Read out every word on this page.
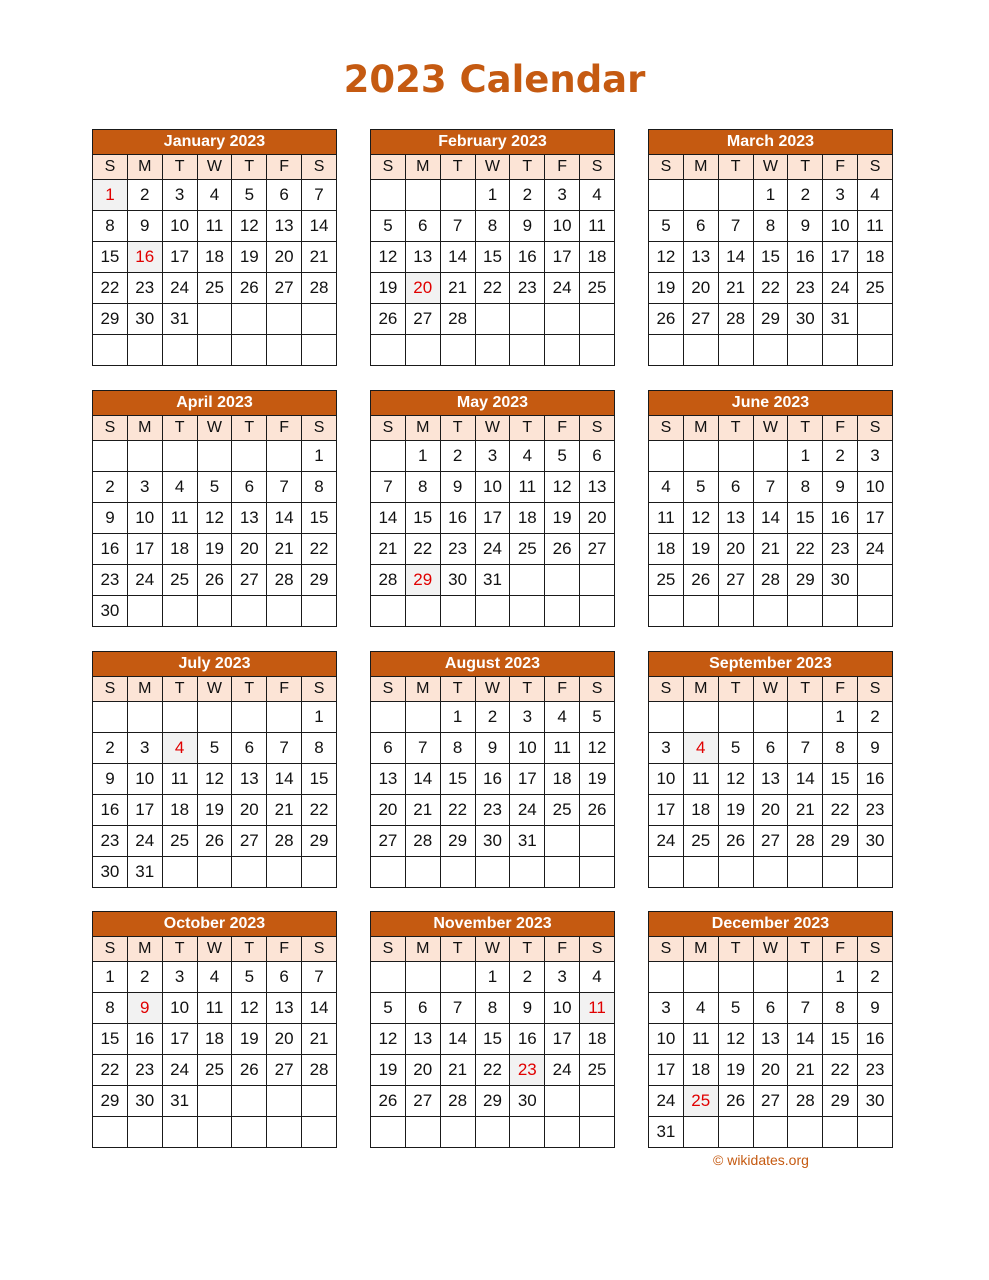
2023 Calendar
January 2023						
S	M	T	W	T	F	S
1	2	3	4	5	6	7
8	9	10	11	12	13	14
15	16	17	18	19	20	21
22	23	24	25	26	27	28
29	30	31				

February 2023						
S	M	T	W	T	F	S
			1	2	3	4
5	6	7	8	9	10	11
12	13	14	15	16	17	18
19	20	21	22	23	24	25
26	27	28				

March 2023						
S	M	T	W	T	F	S
			1	2	3	4
5	6	7	8	9	10	11
12	13	14	15	16	17	18
19	20	21	22	23	24	25
26	27	28	29	30	31	

April 2023						
S	M	T	W	T	F	S
						1
2	3	4	5	6	7	8
9	10	11	12	13	14	15
16	17	18	19	20	21	22
23	24	25	26	27	28	29
30						
May 2023						
S	M	T	W	T	F	S
	1	2	3	4	5	6
7	8	9	10	11	12	13
14	15	16	17	18	19	20
21	22	23	24	25	26	27
28	29	30	31			

June 2023						
S	M	T	W	T	F	S
				1	2	3
4	5	6	7	8	9	10
11	12	13	14	15	16	17
18	19	20	21	22	23	24
25	26	27	28	29	30	

July 2023						
S	M	T	W	T	F	S
						1
2	3	4	5	6	7	8
9	10	11	12	13	14	15
16	17	18	19	20	21	22
23	24	25	26	27	28	29
30	31					
August 2023						
S	M	T	W	T	F	S
		1	2	3	4	5
6	7	8	9	10	11	12
13	14	15	16	17	18	19
20	21	22	23	24	25	26
27	28	29	30	31		

September 2023						
S	M	T	W	T	F	S
					1	2
3	4	5	6	7	8	9
10	11	12	13	14	15	16
17	18	19	20	21	22	23
24	25	26	27	28	29	30

October 2023						
S	M	T	W	T	F	S
1	2	3	4	5	6	7
8	9	10	11	12	13	14
15	16	17	18	19	20	21
22	23	24	25	26	27	28
29	30	31				

November 2023						
S	M	T	W	T	F	S
			1	2	3	4
5	6	7	8	9	10	11
12	13	14	15	16	17	18
19	20	21	22	23	24	25
26	27	28	29	30		

December 2023						
S	M	T	W	T	F	S
					1	2
3	4	5	6	7	8	9
10	11	12	13	14	15	16
17	18	19	20	21	22	23
24	25	26	27	28	29	30
31						
© wikidates.org
